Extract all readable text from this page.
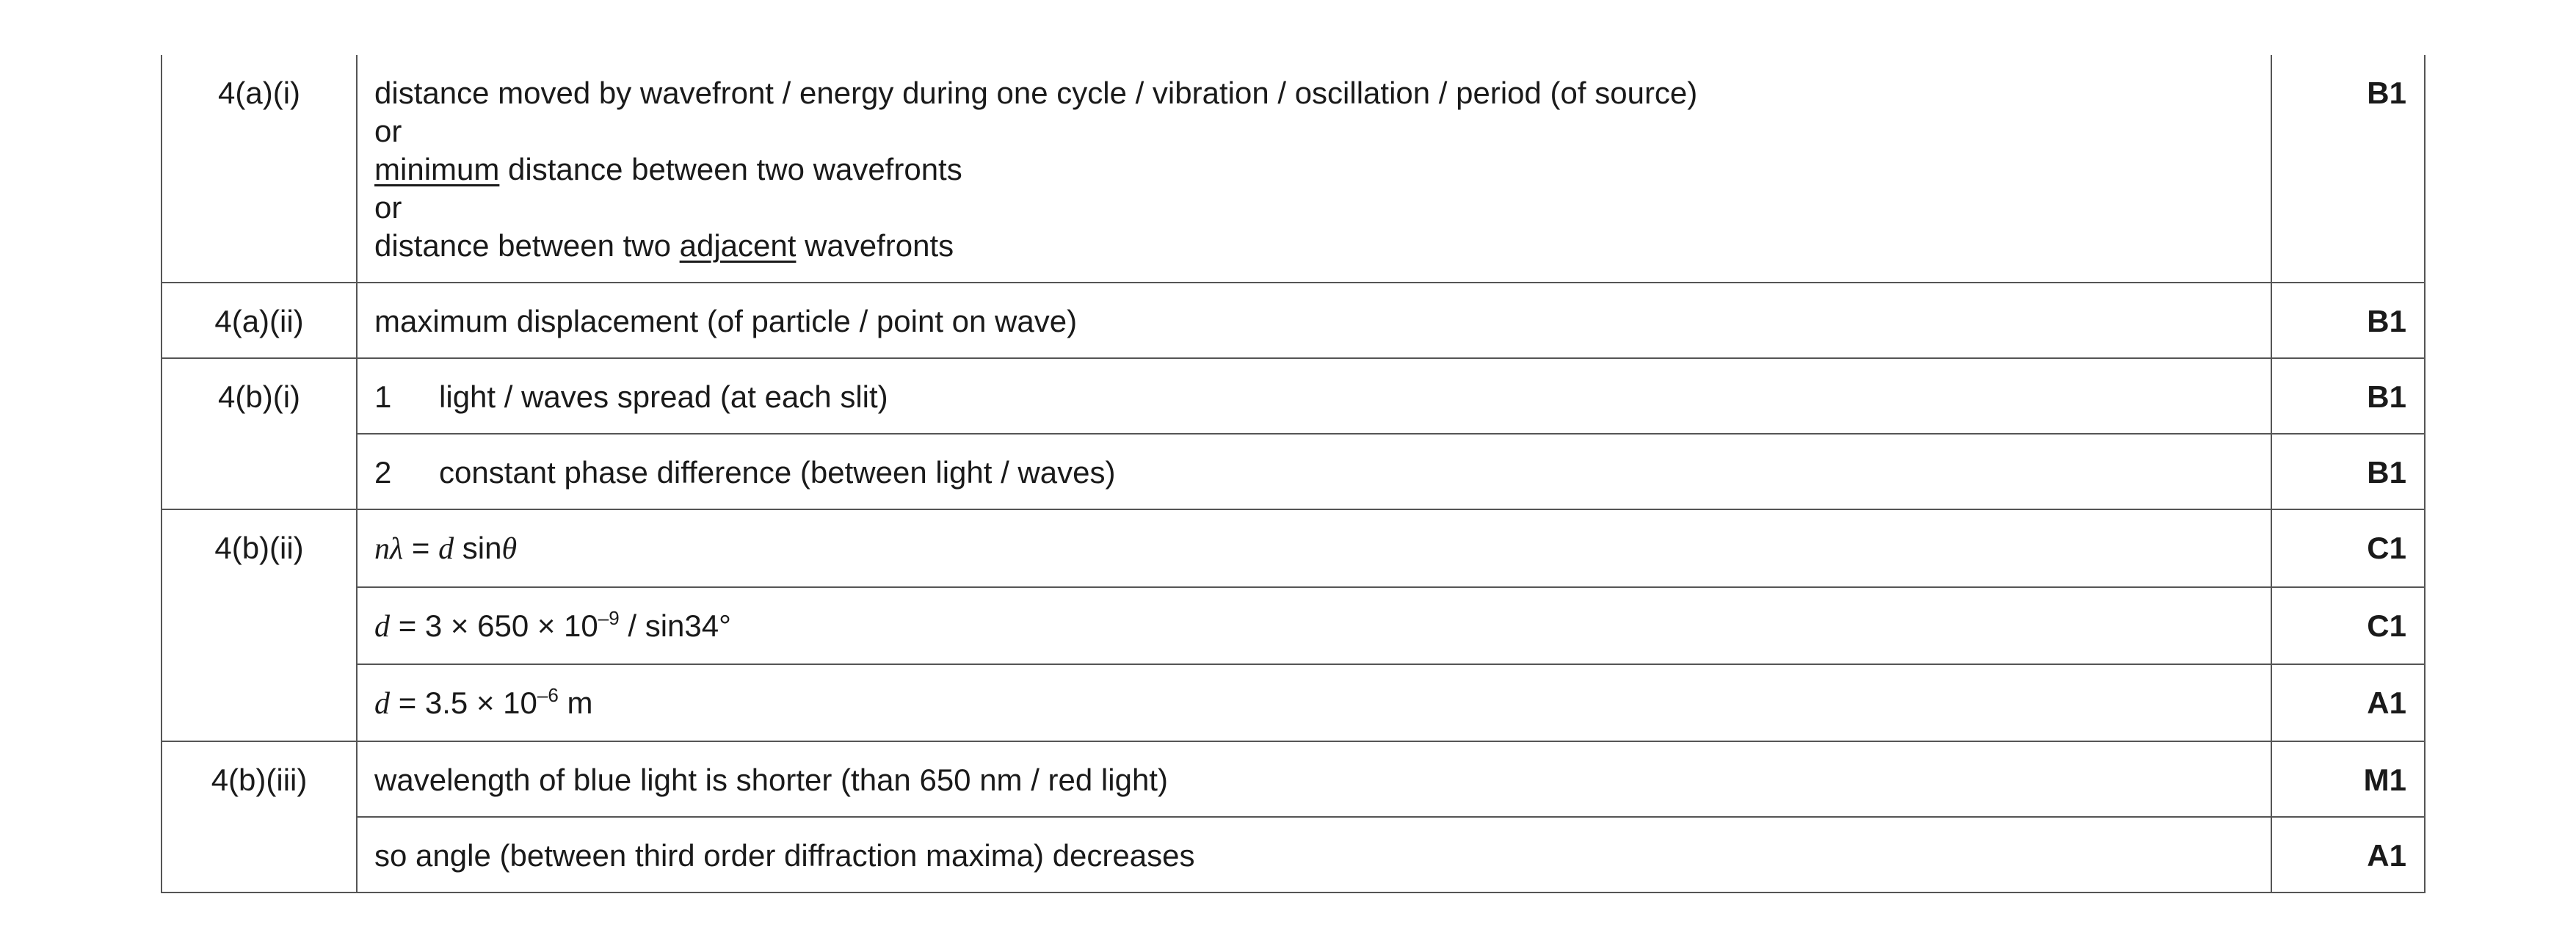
4(a)(i)	distance moved by wavefront / energy during one cycle / vibration / oscillation / period (of source)
or
minimum distance between two wavefronts
or
distance between two adjacent wavefronts	B1
4(a)(ii)	maximum displacement (of particle / point on wave)	B1
4(b)(i)	1 light / waves spread (at each slit)	B1
	2 constant phase difference (between light / waves)	B1
4(b)(ii)	nλ = d sinθ	C1
	$d = 3 \times 650 \times 10^{-9} / \sin 34^\circ$	C1
	$d = 3.5 \times 10^{-6}$ m	A1
4(b)(iii)	wavelength of blue light is shorter (than 650 nm / red light)	M1
	so angle (between third order diffraction maxima) decreases	A1
